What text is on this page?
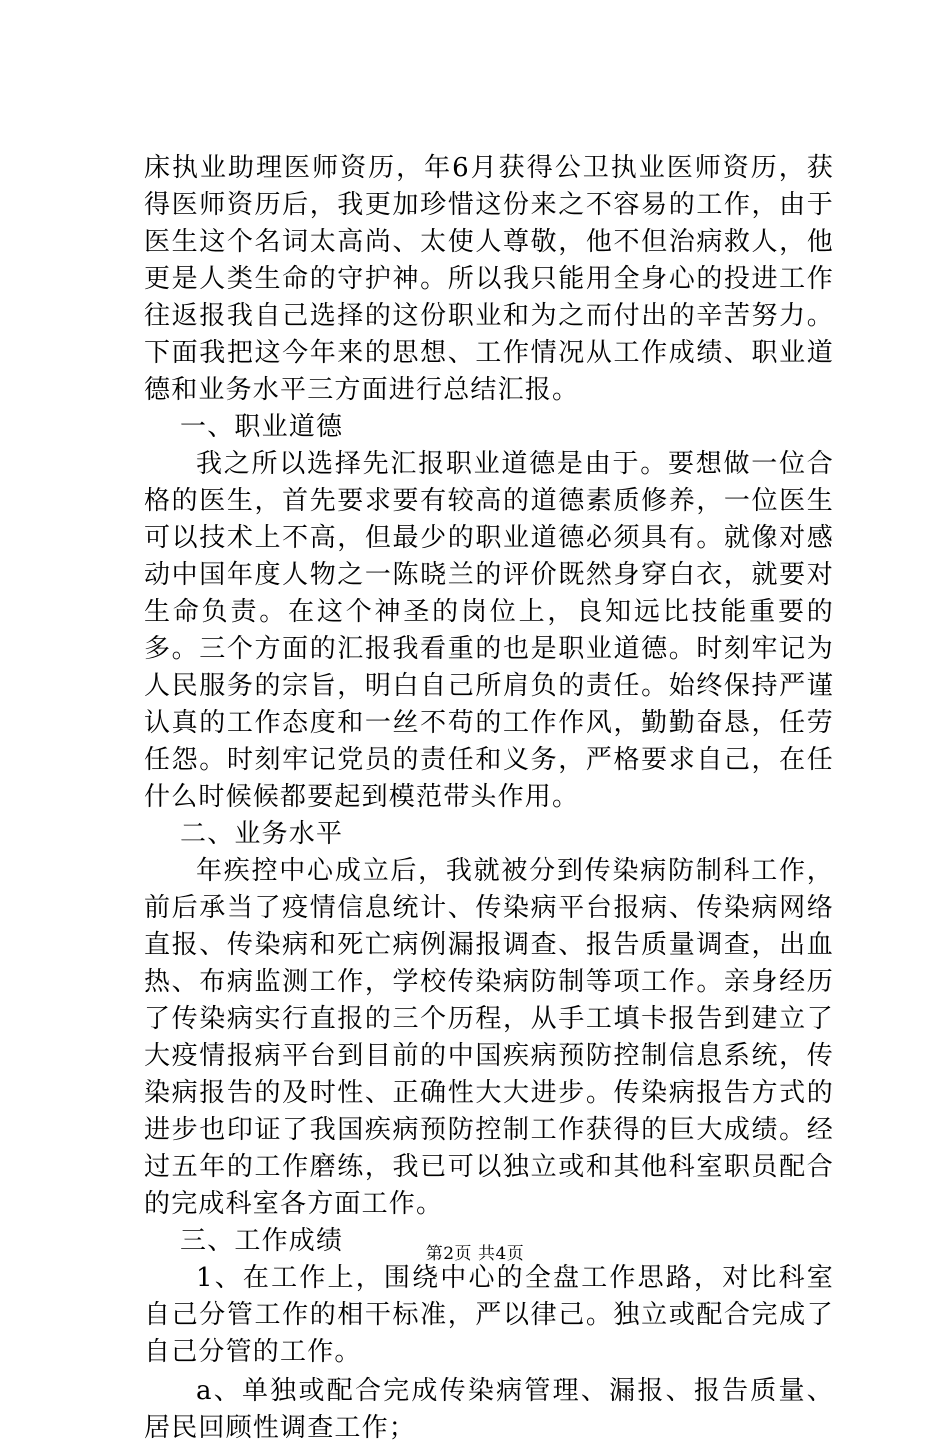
床执业助理医师资历，年6月获得公卫执业医师资历，获得医师资历后，我更加珍惜这份来之不容易的工作，由于医生这个名词太高尚、太使人尊敬，他不但治病救人，他更是人类生命的守护神。所以我只能用全身心的投进工作往返报我自己选择的这份职业和为之而付出的辛苦努力。下面我把这今年来的思想、工作情况从工作成绩、职业道德和业务水平三方面进行总结汇报。

一、职业道德

我之所以选择先汇报职业道德是由于。要想做一位合格的医生，首先要求要有较高的道德素质修养，一位医生可以技术上不高，但最少的职业道德必须具有。就像对感动中国年度人物之一陈晓兰的评价既然身穿白衣，就要对生命负责。在这个神圣的岗位上，良知远比技能重要的多。三个方面的汇报我看重的也是职业道德。时刻牢记为人民服务的宗旨，明白自己所肩负的责任。始终保持严谨认真的工作态度和一丝不苟的工作作风，勤勤奋恳，任劳任怨。时刻牢记党员的责任和义务，严格要求自己，在任什么时候候都要起到模范带头作用。

二、业务水平

年疾控中心成立后，我就被分到传染病防制科工作，前后承当了疫情信息统计、传染病平台报病、传染病网络直报、传染病和死亡病例漏报调查、报告质量调查，出血热、布病监测工作，学校传染病防制等项工作。亲身经历了传染病实行直报的三个历程，从手工填卡报告到建立了大疫情报病平台到目前的中国疾病预防控制信息系统，传染病报告的及时性、正确性大大进步。传染病报告方式的进步也印证了我国疾病预防控制工作获得的巨大成绩。经过五年的工作磨练，我已可以独立或和其他科室职员配合的完成科室各方面工作。

三、工作成绩

1、在工作上，围绕中心的全盘工作思路，对比科室自己分管工作的相干标准，严以律己。独立或配合完成了自己分管的工作。

a、单独或配合完成传染病管理、漏报、报告质量、居民回顾性调查工作；

第2页 共4页
